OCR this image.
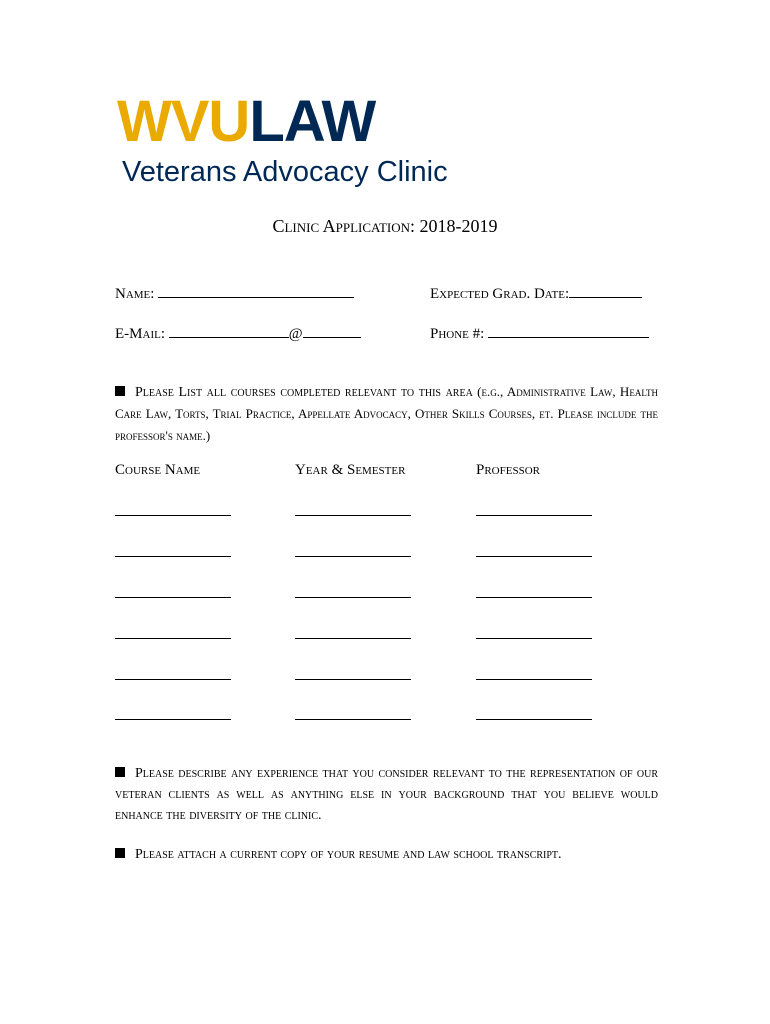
WVULAW
Veterans Advocacy Clinic
Clinic Application: 2018-2019
Name:	Expected Grad. Date:
E-Mail:	@	Phone #:
Please List all courses completed relevant to this area (e.g., Administrative Law, Health Care Law, Torts, Trial Practice, Appellate Advocacy, Other Skills Courses, et. Please include the professor's name.)
Course Name	Year & Semester	Professor
Please describe any experience that you consider relevant to the representation of our veteran clients as well as anything else in your background that you believe would enhance the diversity of the clinic.
Please attach a current copy of your resume and law school transcript.
